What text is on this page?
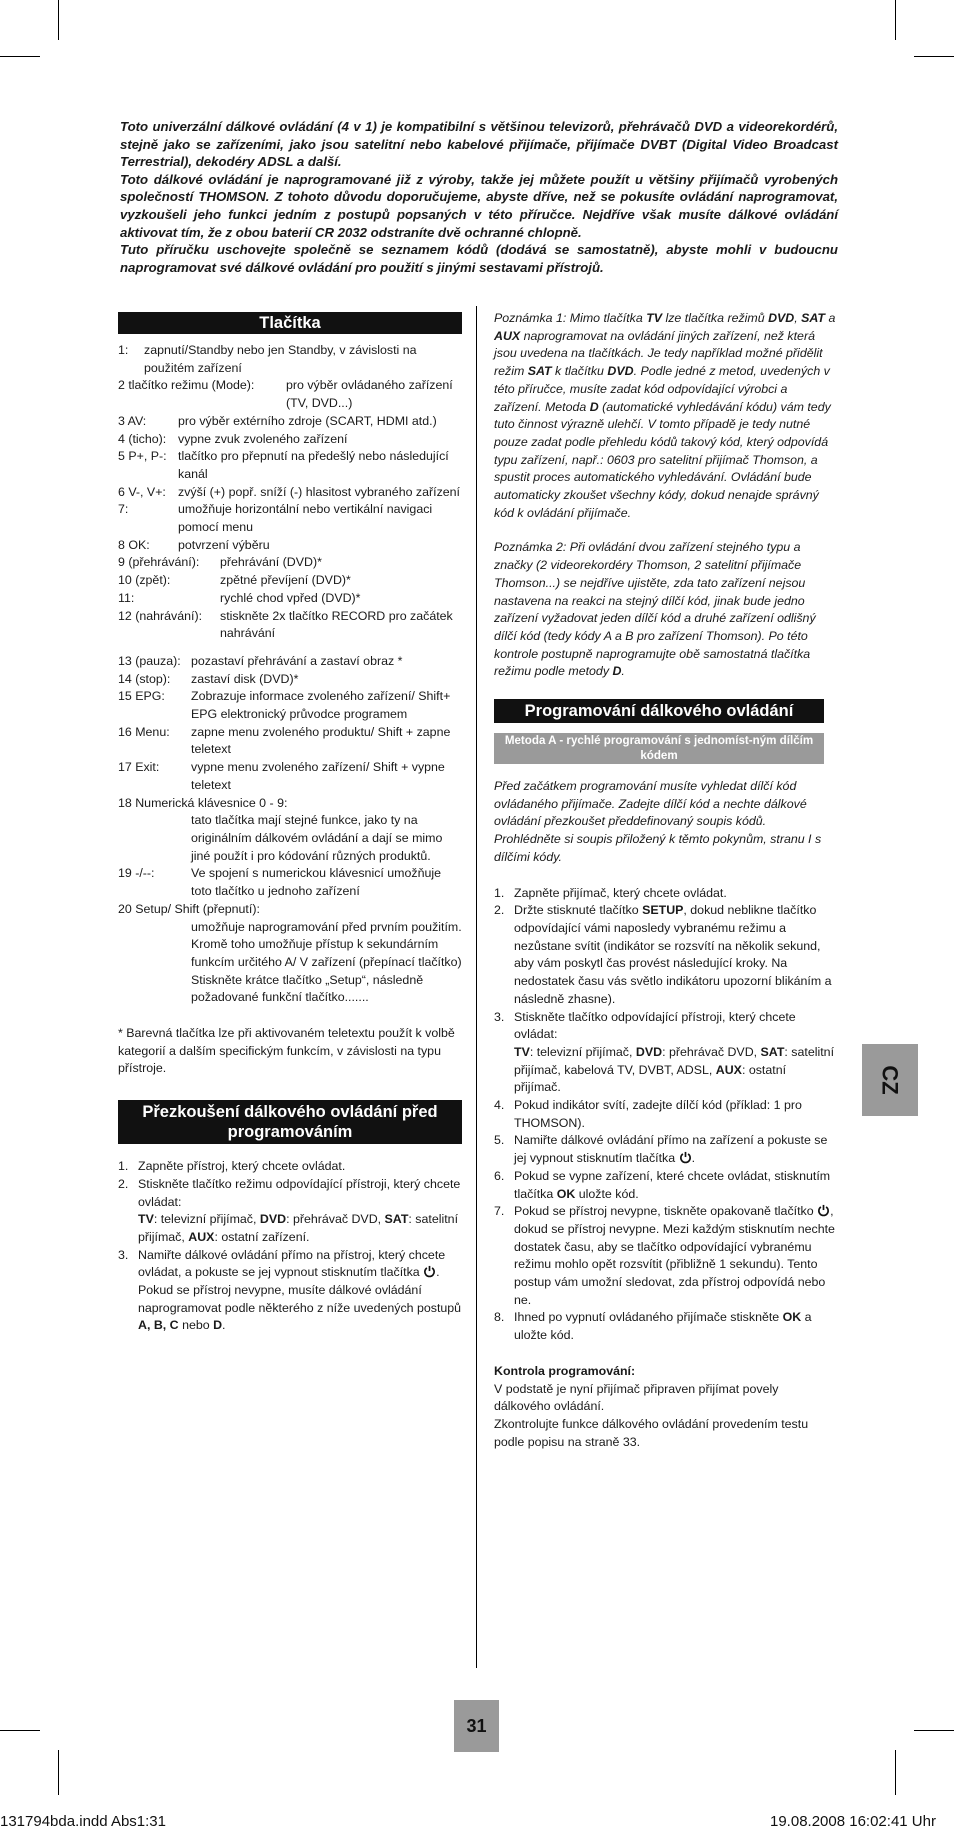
Toto univerzální dálkové ovládání (4 v 1) je kompatibilní s většinou televizorů, přehrávačů DVD a videorekordérů, stejně jako se zařízeními, jako jsou satelitní nebo kabelové přijímače, přijímače DVBT (Digital Video Broadcast Terrestrial), dekodéry ADSL a další.

Toto dálkové ovládání je naprogramované již z výroby, takže jej můžete použít u většiny přijímačů vyrobených společností THOMSON. Z tohoto důvodu doporučujeme, abyste dříve, než se pokusíte ovládání naprogramovat, vyzkoušeli jeho funkci jedním z postupů popsaných v této příručce. Nejdříve však musíte dálkové ovládání aktivovat tím, že z obou baterií CR 2032 odstraníte dvě ochranné chlopně.

Tuto příručku uschovejte společně se seznamem kódů (dodává se samostatně), abyste mohli v budoucnu naprogramovat své dálkové ovládání pro použití s jinými sestavami přístrojů.

Tlačítka
1:	zapnutí/Standby nebo jen Standby, v závislosti na použitém zařízení
2 tlačítko režimu (Mode):	pro výběr ovládaného zařízení (TV, DVD...)
3 AV:	pro výběr extérního zdroje (SCART, HDMI atd.)
4 (ticho): vypne zvuk zvoleného zařízení
5 P+, P-: tlačítko pro přepnutí na předešlý nebo následující kanál
6 V-, V+: zvýší (+) popř. sníží (-) hlasitost vybraného zařízení
7:	umožňuje horizontální nebo vertikální navigaci pomocí menu
8 OK:	potvrzení výběru
9 (přehrávání):	přehrávání (DVD)*
10 (zpět):	zpětné převíjení (DVD)*
11:	rychlé chod vpřed (DVD)*
12 (nahrávání):	stiskněte 2x tlačítko RECORD pro začátek nahrávání
13 (pauza): pozastaví přehrávání a zastaví obraz *
14 (stop):	zastaví disk (DVD)*
15 EPG:	Zobrazuje informace zvoleného zařízení/ Shift+ EPG elektronický průvodce programem
16 Menu:	zapne menu zvoleného produktu/ Shift + zapne teletext
17 Exit:	vypne menu zvoleného zařízení/ Shift + vypne teletext
18 Numerická klávesnice 0 - 9:
tato tlačítka mají stejné funkce, jako ty na originálním dálkovém ovládání a dají se mimo jiné použít i pro kódování různých produktů.
19 -/--:	Ve spojení s numerickou klávesnicí umožňuje toto tlačítko u jednoho zařízení
20 Setup/ Shift (přepnutí):
umožňuje naprogramování před prvním použitím. Kromě toho umožňuje přístup k sekundárním funkcím určitého A/ V zařízení (přepínací tlačítko) Stiskněte krátce tlačítko „Setup“, následně požadované funkční tlačítko.......

* Barevná tlačítka lze při aktivovaném teletextu použít k volbě kategorií a dalším specifickým funkcím, v závislosti na typu přístroje.

Přezkoušení dálkového ovládání před programováním
1. Zapněte přístroj, který chcete ovládat.
2. Stiskněte tlačítko režimu odpovídající přístroji, který chcete ovládat:
TV: televizní přijímač, DVD: přehrávač DVD, SAT: satelitní přijímač, AUX: ostatní zařízení.
3. Namiřte dálkové ovládání přímo na přístroj, který chcete ovládat, a pokuste se jej vypnout stisknutím tlačítka . Pokud se přístroj nevypne, musíte dálkové ovládání naprogramovat podle některého z níže uvedených postupů A, B, C nebo D.

Poznámka 1: Mimo tlačítka TV lze tlačítka režimů DVD, SAT a AUX naprogramovat na ovládání jiných zařízení, než která jsou uvedena na tlačítkách. Je tedy například možné přidělit režim SAT k tlačítku DVD. Podle jedné z metod, uvedených v této příručce, musíte zadat kód odpovídající výrobci a zařízení. Metoda D (automatické vyhledávání kódu) vám tedy tuto činnost výrazně ulehčí. V tomto případě je tedy nutné pouze zadat podle přehledu kódů takový kód, který odpovídá typu zařízení, např.: 0603 pro satelitní přijímač Thomson, a spustit proces automatického vyhledávání. Ovládání bude automaticky zkoušet všechny kódy, dokud nenajde správný kód k ovládání přijímače.

Poznámka 2: Při ovládání dvou zařízení stejného typu a značky (2 videorekordéry Thomson, 2 satelitní přijímače Thomson...) se nejdříve ujistěte, zda tato zařízení nejsou nastavena na reakci na stejný dílčí kód, jinak bude jedno zařízení vyžadovat jeden dílčí kód a druhé zařízení odlišný dílčí kód (tedy kódy A a B pro zařízení Thomson). Po této kontrole postupně naprogramujte obě samostatná tlačítka režimu podle metody D.

Programování dálkového ovládání
Metoda A - rychlé programování s jednomíst-ným dílčím kódem

Před začátkem programování musíte vyhledat dílčí kód ovládaného přijímače. Zadejte dílčí kód a nechte dálkové ovládání přezkoušet předdefinovaný soupis kódů. Prohlédněte si soupis přiložený k těmto pokynům, stranu I s dílčími kódy.

1. Zapněte přijímač, který chcete ovládat.
2. Držte stisknuté tlačítko SETUP, dokud neblikne tlačítko odpovídající vámi naposledy vybranému režimu a nezůstane svítit (indikátor se rozsvítí na několik sekund, aby vám poskytl čas provést následující kroky. Na nedostatek času vás světlo indikátoru upozorní blikáním a následně zhasne).
3. Stiskněte tlačítko odpovídající přístroji, který chcete ovládat:
TV: televizní přijímač, DVD: přehrávač DVD, SAT: satelitní přijímač, kabelová TV, DVBT, ADSL, AUX: ostatní přijímač.
4. Pokud indikátor svítí, zadejte dílčí kód (příklad: 1 pro THOMSON).
5. Namiřte dálkové ovládání přímo na zařízení a pokuste se jej vypnout stisknutím tlačítka .
6. Pokud se vypne zařízení, které chcete ovládat, stisknutím tlačítka OK uložte kód.
7. Pokud se přístroj nevypne, tiskněte opakovaně tlačítko , dokud se přístroj nevypne. Mezi každým stisknutím nechte dostatek času, aby se tlačítko odpovídající vybranému režimu mohlo opět rozsvítit (přibližně 1 sekundu). Tento postup vám umožní sledovat, zda přístroj odpovídá nebo ne.
8. Ihned po vypnutí ovládaného přijímače stiskněte OK a uložte kód.

Kontrola programování:

V podstatě je nyní přijímač připraven přijímat povely dálkového ovládání.

Zkontrolujte funkce dálkového ovládání provedením testu podle popisu na straně 33.

CZ
31
131794bda.indd Abs1:31	19.08.2008 16:02:41 Uhr
